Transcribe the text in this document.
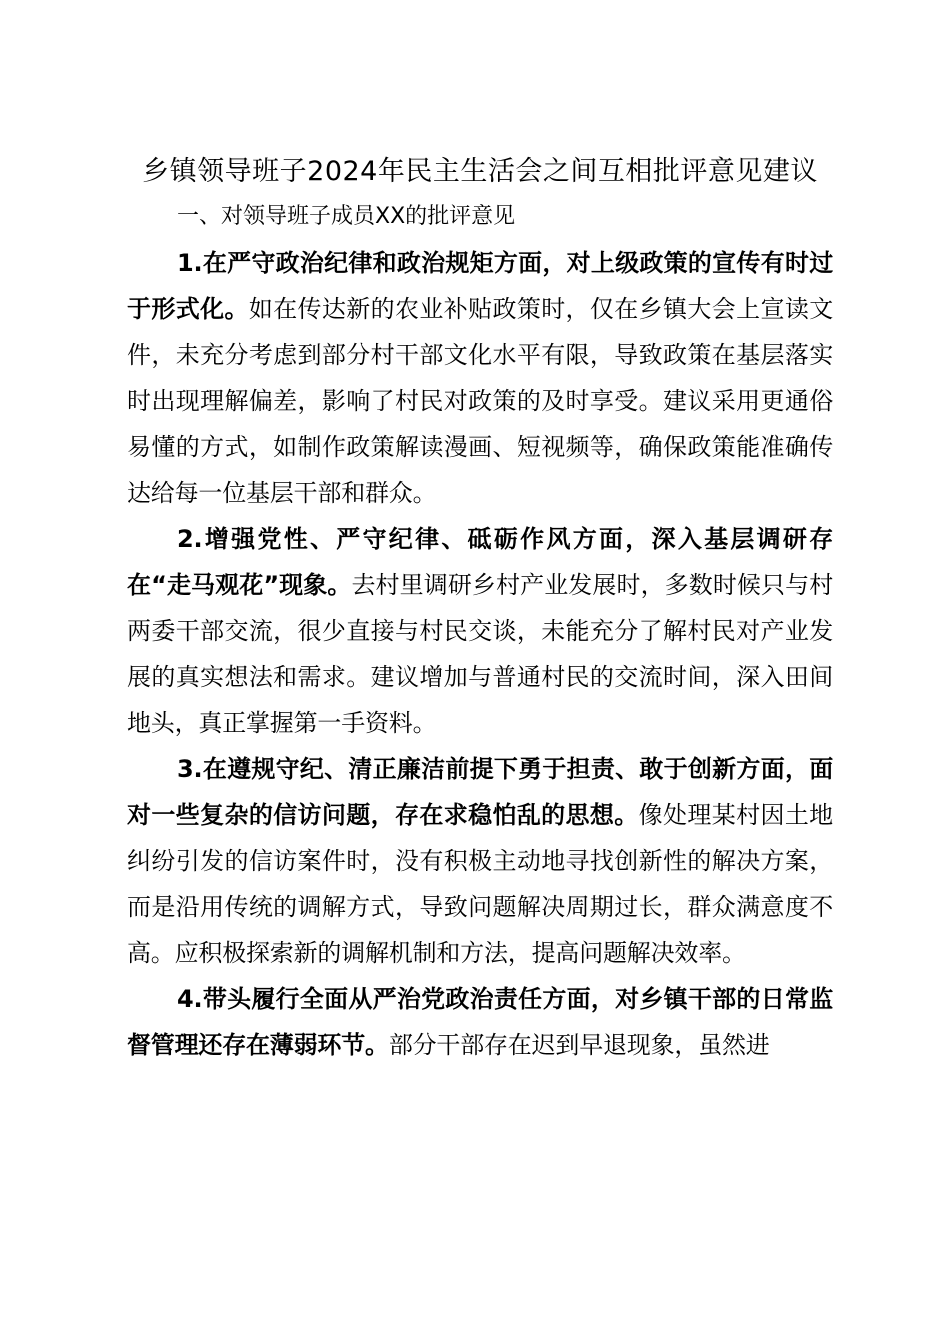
乡镇领导班子2024年民主生活会之间互相批评意见建议

一、对领导班子成员XX的批评意见

1.在严守政治纪律和政治规矩方面，对上级政策的宣传有时过于形式化。如在传达新的农业补贴政策时，仅在乡镇大会上宣读文件，未充分考虑到部分村干部文化水平有限，导致政策在基层落实时出现理解偏差，影响了村民对政策的及时享受。建议采用更通俗易懂的方式，如制作政策解读漫画、短视频等，确保政策能准确传达给每一位基层干部和群众。

2.增强党性、严守纪律、砥砺作风方面，深入基层调研存在“走马观花”现象。去村里调研乡村产业发展时，多数时候只与村两委干部交流，很少直接与村民交谈，未能充分了解村民对产业发展的真实想法和需求。建议增加与普通村民的交流时间，深入田间地头，真正掌握第一手资料。

3.在遵规守纪、清正廉洁前提下勇于担责、敢于创新方面，面对一些复杂的信访问题，存在求稳怕乱的思想。像处理某村因土地纠纷引发的信访案件时，没有积极主动地寻找创新性的解决方案，而是沿用传统的调解方式，导致问题解决周期过长，群众满意度不高。应积极探索新的调解机制和方法，提高问题解决效率。

4.带头履行全面从严治党政治责任方面，对乡镇干部的日常监督管理还存在薄弱环节。部分干部存在迟到早退现象，虽然进
